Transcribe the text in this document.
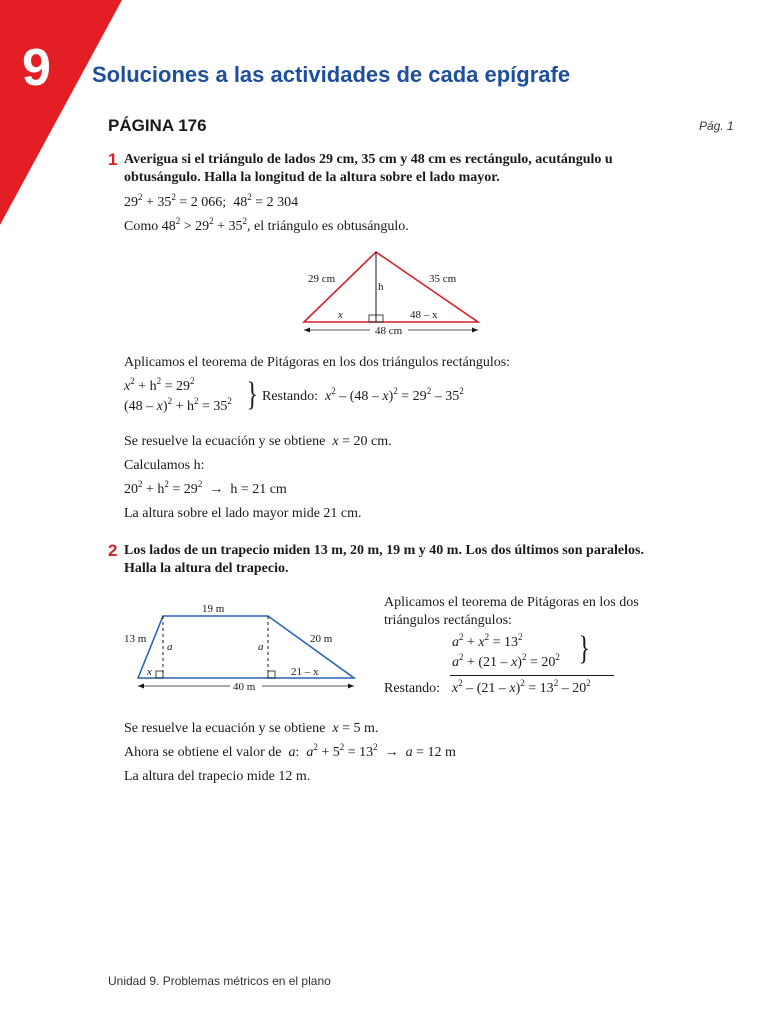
9 Soluciones a las actividades de cada epígrafe
PÁGINA 176	Pág. 1
1 Averigua si el triángulo de lados 29 cm, 35 cm y 48 cm es rectángulo, acutángulo u obtusángulo. Halla la longitud de la altura sobre el lado mayor.
$29^2 + 35^2 = 2$ 066;  $48^2 = 2$ 304
Como $48^2 > 29^2 + 35^2$, el triángulo es obtusángulo.
29 cm	35 cm
h
x	48 – x
48 cm
Aplicamos el teorema de Pitágoras en los dos triángulos rectángulos:
$x^2 + h^2 = 29^2$
$(48 - x)^2 + h^2 = 35^2$ } Restando:  $x^2 - (48 - x)^2 = 29^2 - 35^2$
Se resuelve la ecuación y se obtiene  x = 20 cm.
Calculamos h:
$20^2 + h^2 = 29^2 \to h = 21$ cm
La altura sobre el lado mayor mide 21 cm.
2 Los lados de un trapecio miden 13 m, 20 m, 19 m y 40 m. Los dos últimos son paralelos. Halla la altura del trapecio.
19 m
13 m	20 m
a	a
x	21 – x
40 m
Aplicamos el teorema de Pitágoras en los dos triángulos rectángulos:
$a^2 + x^2 = 13^2$
$a^2 + (21 - x)^2 = 20^2$ }
Restando: $x^2 - (21 - x)^2 = 13^2 - 20^2$
Se resuelve la ecuación y se obtiene  x = 5 m.
Ahora se obtiene el valor de  a:  $a^2 + 5^2 = 13^2 \to a = 12$ m
La altura del trapecio mide 12 m.
Unidad 9. Problemas métricos en el plano
